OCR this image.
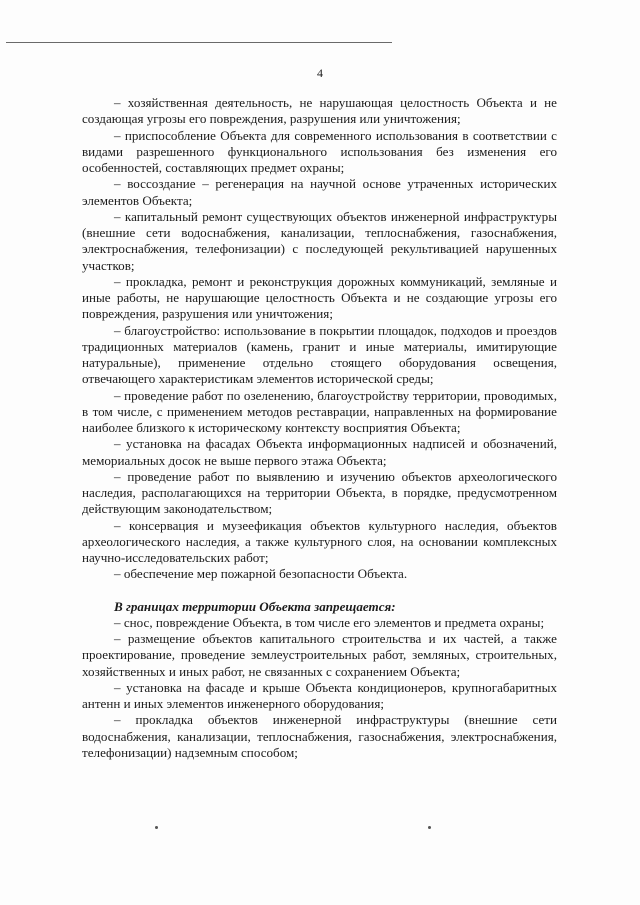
4

– хозяйственная деятельность, не нарушающая целостность Объекта и не создающая угрозы его повреждения, разрушения или уничтожения;

– приспособление Объекта для современного использования в соответствии с видами разрешенного функционального использования без изменения его особенностей, составляющих предмет охраны;

– воссоздание – регенерация на научной основе утраченных исторических элементов Объекта;

– капитальный ремонт существующих объектов инженерной инфраструктуры (внешние сети водоснабжения, канализации, теплоснабжения, газоснабжения, электроснабжения, телефонизации) с последующей рекультивацией нарушенных участков;

– прокладка, ремонт и реконструкция дорожных коммуникаций, земляные и иные работы, не нарушающие целостность Объекта и не создающие угрозы его повреждения, разрушения или уничтожения;

– благоустройство: использование в покрытии площадок, подходов и проездов традиционных материалов (камень, гранит и иные материалы, имитирующие натуральные), применение отдельно стоящего оборудования освещения, отвечающего характеристикам элементов исторической среды;

– проведение работ по озеленению, благоустройству территории, проводимых, в том числе, с применением методов реставрации, направленных на формирование наиболее близкого к историческому контексту восприятия Объекта;

– установка на фасадах Объекта информационных надписей и обозначений, мемориальных досок не выше первого этажа Объекта;

– проведение работ по выявлению и изучению объектов археологического наследия, располагающихся на территории Объекта, в порядке, предусмотренном действующим законодательством;

– консервация и музеефикация объектов культурного наследия, объектов археологического наследия, а также культурного слоя, на основании комплексных научно-исследовательских работ;

– обеспечение мер пожарной безопасности Объекта.

В границах территории Объекта запрещается:

– снос, повреждение Объекта, в том числе его элементов и предмета охраны;

– размещение объектов капитального строительства и их частей, а также проектирование, проведение землеустроительных работ, земляных, строительных, хозяйственных и иных работ, не связанных с сохранением Объекта;

– установка на фасаде и крыше Объекта кондиционеров, крупногабаритных антенн и иных элементов инженерного оборудования;

– прокладка объектов инженерной инфраструктуры (внешние сети водоснабжения, канализации, теплоснабжения, газоснабжения, электроснабжения, телефонизации) надземным способом;
